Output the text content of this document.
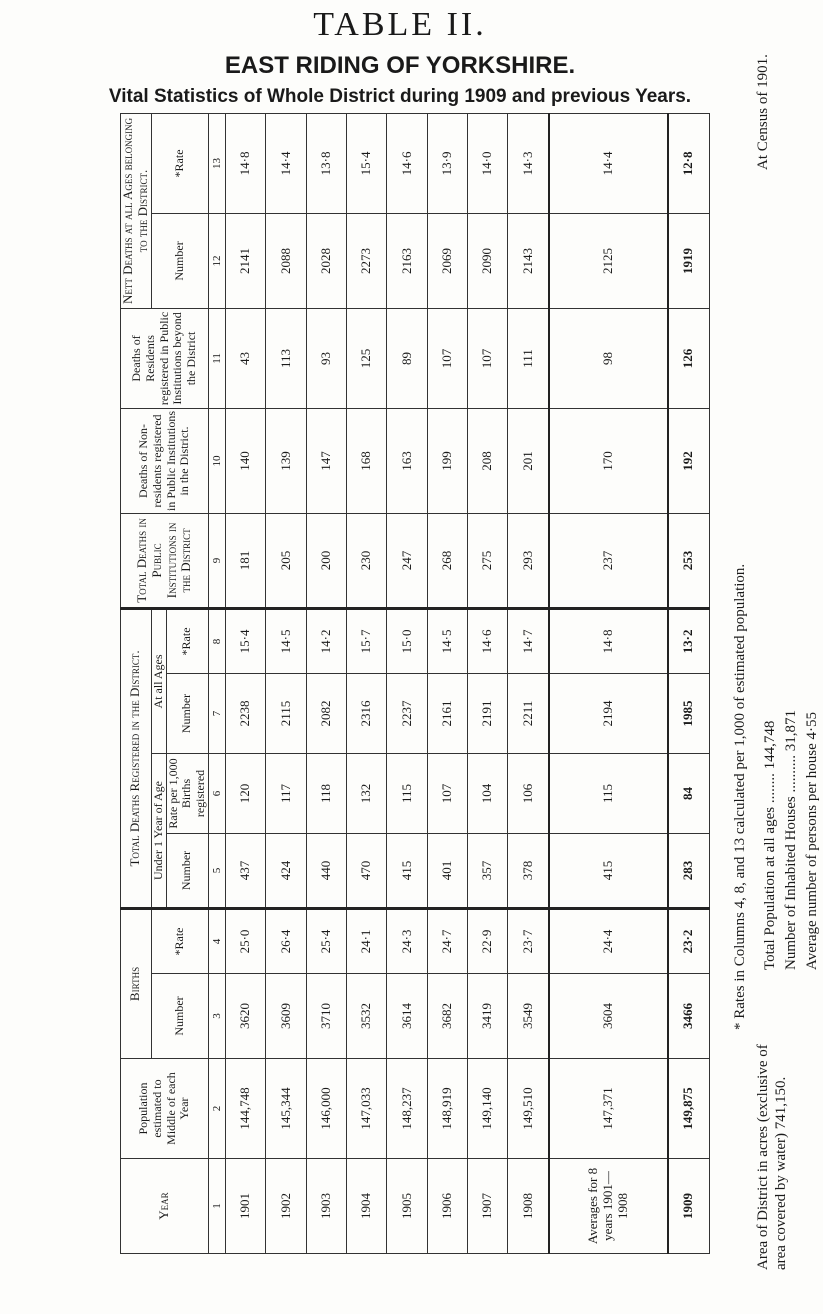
TABLE II.
EAST RIDING OF YORKSHIRE.
Vital Statistics of Whole District during 1909 and previous Years.
Year	Population estimated to Middle of each Year	Births		Total Deaths Registered in the District.				Total Deaths in Public Institutions in the District	Deaths of Non-residents registered in Public Institutions in the District.	Deaths of Residents registered in Public Institutions beyond the District	Nett Deaths at all Ages belonging to the District.	
		Number	*Rate	Under 1 Year of Age		At all Ages					Number	*Rate
				Number	Rate per 1,000 Births registered	Number	*Rate					
1	2	3	4	5	6	7	8	9	10	11	12	13
1901	144,748	3620	25·0	437	120	2238	15·4	181	140	43	2141	14·8
1902	145,344	3609	26·4	424	117	2115	14·5	205	139	113	2088	14·4
1903	146,000	3710	25·4	440	118	2082	14·2	200	147	93	2028	13·8
1904	147,033	3532	24·1	470	132	2316	15·7	230	168	125	2273	15·4
1905	148,237	3614	24·3	415	115	2237	15·0	247	163	89	2163	14·6
1906	148,919	3682	24·7	401	107	2161	14·5	268	199	107	2069	13·9
1907	149,140	3419	22·9	357	104	2191	14·6	275	208	107	2090	14·0
1908	149,510	3549	23·7	378	106	2211	14·7	293	201	111	2143	14·3
Averages for 8 years 1901—1908	147,371	3604	24·4	415	115	2194	14·8	237	170	98	2125	14·4
1909	149,875	3466	23·2	283	84	1985	13·2	253	192	126	1919	12·8
* Rates in Columns 4, 8, and 13 calculated per 1,000 of estimated population.
Area of District in acres (exclusive of area covered by water) 741,150.
Total Population at all ages ........ 144,748
Number of Inhabited Houses .......... 31,871
Average number of persons per house 4·55
At Census of 1901.
